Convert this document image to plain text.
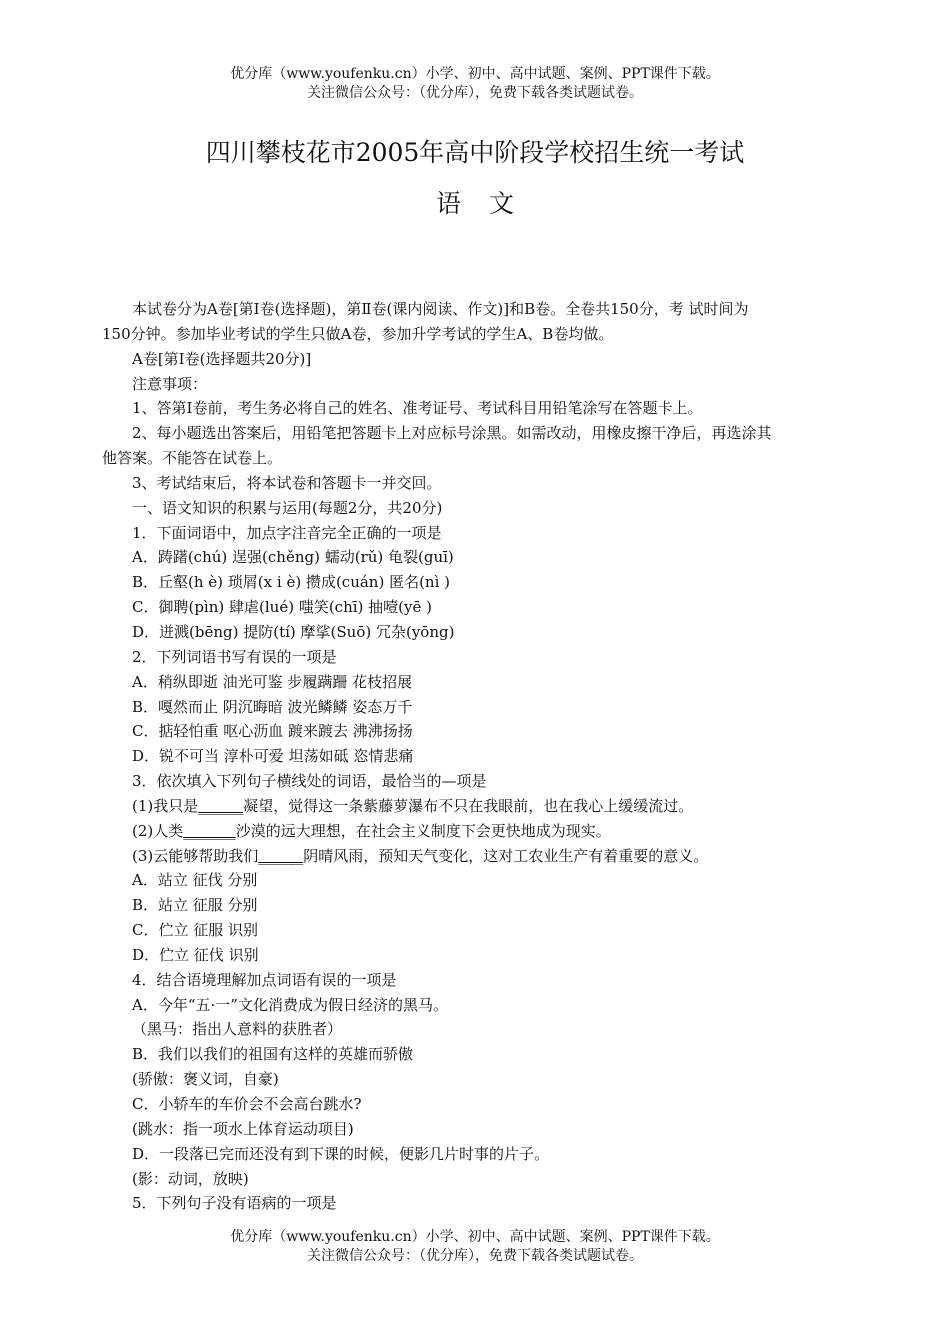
优分库（www.youfenku.cn）小学、初中、高中试题、案例、PPT课件下载。
关注微信公众号：（优分库），免费下载各类试题试卷。
四川攀枝花市2005年高中阶段学校招生统一考试
语文

本试卷分为A卷[第I卷(选择题)，第Ⅱ卷(课内阅读、作文)]和B卷。全卷共150分，考 试时间为

150分钟。参加毕业考试的学生只做A卷，参加升学考试的学生A、B卷均做。

A卷[第I卷(选择题共20分)]

注意事项：

1、答第I卷前，考生务必将自己的姓名、准考证号、考试科目用铅笔涂写在答题卡上。

2、每小题选出答案后，用铅笔把答题卡上对应标号涂黑。如需改动，用橡皮擦干净后，再选涂其

他答案。不能答在试卷上。

3、考试结束后，将本试卷和答题卡一并交回。

一、语文知识的积累与运用(每题2分，共20分)

1．下面词语中，加点字注音完全正确的一项是

A．踌躇(chú) 逞强(chěng) 蠕动(rǔ) 龟裂(guī)

B．丘壑(h è) 琐屑(x i è) 攒成(cuán) 匿名(nì )

C．御聘(pìn) 肆虐(lué) 嗤笑(chī) 抽噎(yē )

D．迸溅(bēng) 提防(tí) 摩挲(Suō) 冗杂(yōng)

2．下列词语书写有误的一项是

A．稍纵即逝 油光可鉴 步履蹒跚 花枝招展

B．嘎然而止 阴沉晦暗 波光鳞鳞 姿态万千

C．掂轻怕重 呕心沥血 踱来踱去 沸沸扬扬

D．锐不可当 淳朴可爱 坦荡如砥 恣情悲痛

3．依次填入下列句子横线处的词语，最恰当的—项是

(1)我只是______凝望，觉得这一条紫藤萝瀑布不只在我眼前，也在我心上缓缓流过。

(2)人类_______沙漠的远大理想，在社会主义制度下会更快地成为现实。

(3)云能够帮助我们______阴晴风雨，预知天气变化，这对工农业生产有着重要的意义。

A．站立 征伐 分别

B．站立 征服 分别

C．伫立 征服 识别

D．伫立 征伐 识别

4．结合语境理解加点词语有误的一项是

A．今年“五·一”文化消费成为假日经济的黑马。

（黑马：指出人意料的获胜者）

B．我们以我们的祖国有这样的英雄而骄傲

(骄傲：褒义词，自豪)

C．小轿车的车价会不会高台跳水?

(跳水：指一项水上体育运动项目)

D．一段落已完而还没有到下课的时候，便影几片时事的片子。

(影：动词，放映)

5．下列句子没有语病的一项是

优分库（www.youfenku.cn）小学、初中、高中试题、案例、PPT课件下载。
关注微信公众号：（优分库），免费下载各类试题试卷。
